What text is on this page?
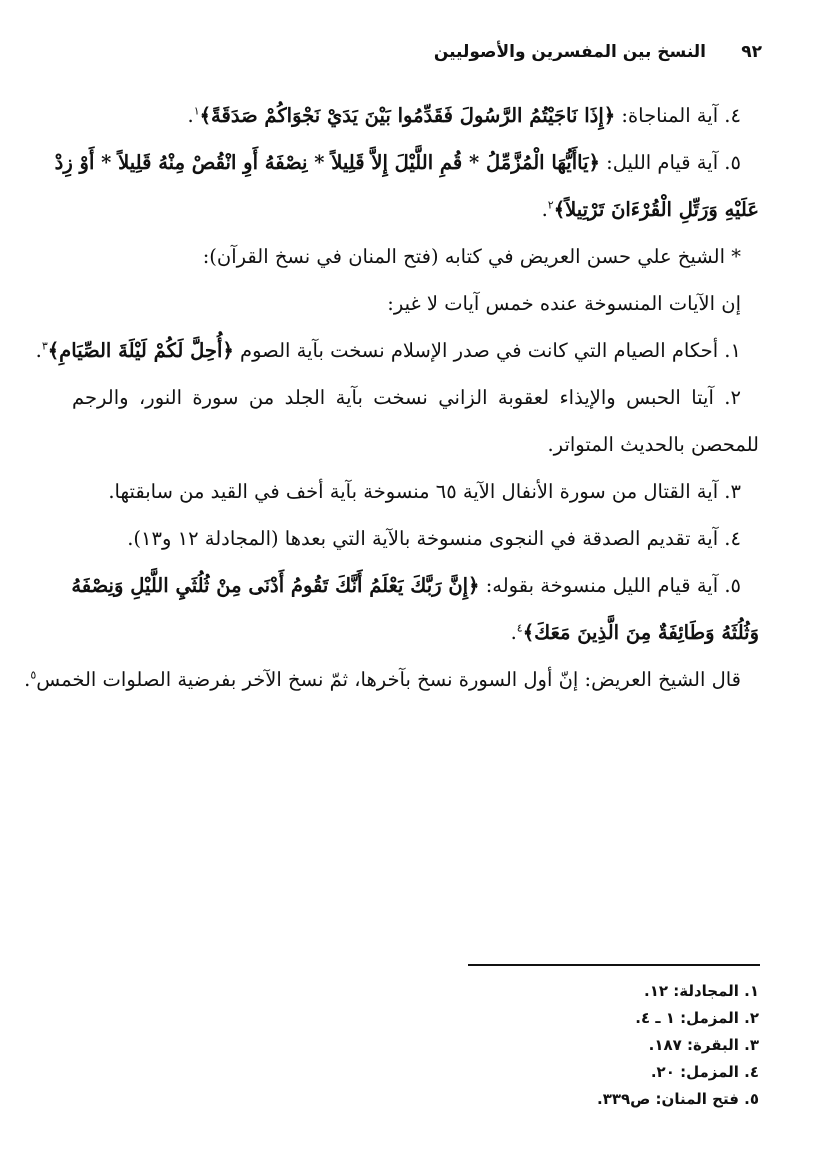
٩٢
النسخ بين المفسرين والأصوليين
٤. آية المناجاة: ﴿إِذَا نَاجَيْتُمُ الرَّسُولَ فَقَدِّمُوا بَيْنَ يَدَيْ نَجْوَاكُمْ صَدَقَةً﴾$^١$.
٥. آية قيام الليل: ﴿يَاأَيُّهَا الْمُزَّمِّلُ * قُمِ اللَّيْلَ إِلاَّ قَلِيلاً * نِصْفَهُ أَوِ انْقُصْ مِنْهُ قَلِيلاً * أَوْ زِدْ
عَلَيْهِ وَرَتِّلِ الْقُرْءَانَ تَرْتِيلاً﴾$^٢$.
* الشيخ علي حسن العريض في كتابه (فتح المنان في نسخ القرآن):
إن الآيات المنسوخة عنده خمس آيات لا غير:
١. أحكام الصيام التي كانت في صدر الإسلام نسخت بآية الصوم ﴿أُحِلَّ لَكُمْ لَيْلَةَ الصِّيَامِ﴾$^٣$.
٢. آيتا الحبس والإيذاء لعقوبة الزاني نسخت بآية الجلد من سورة النور، والرجم
للمحصن بالحديث المتواتر.
٣. آية القتال من سورة الأنفال الآية ٦٥ منسوخة بآية أخف في القيد من سابقتها.
٤. آية تقديم الصدقة في النجوى منسوخة بالآية التي بعدها (المجادلة ١٢ و١٣).
٥. آية قيام الليل منسوخة بقوله: ﴿إِنَّ رَبَّكَ يَعْلَمُ أَنَّكَ تَقُومُ أَدْنَى مِنْ ثُلُثَيِ اللَّيْلِ وَنِصْفَهُ
وَثُلُثَهُ وَطَائِفَةٌ مِنَ الَّذِينَ مَعَكَ﴾$^٤$.
قال الشيخ العريض: إنّ أول السورة نسخ بآخرها، ثمّ نسخ الآخر بفرضية الصلوات الخمس$^٥$.
١. المجادلة: ١٢.
٢. المزمل: ١ ـ ٤.
٣. البقرة: ١٨٧.
٤. المزمل: ٢٠.
٥. فتح المنان: ص٣٣٩.
